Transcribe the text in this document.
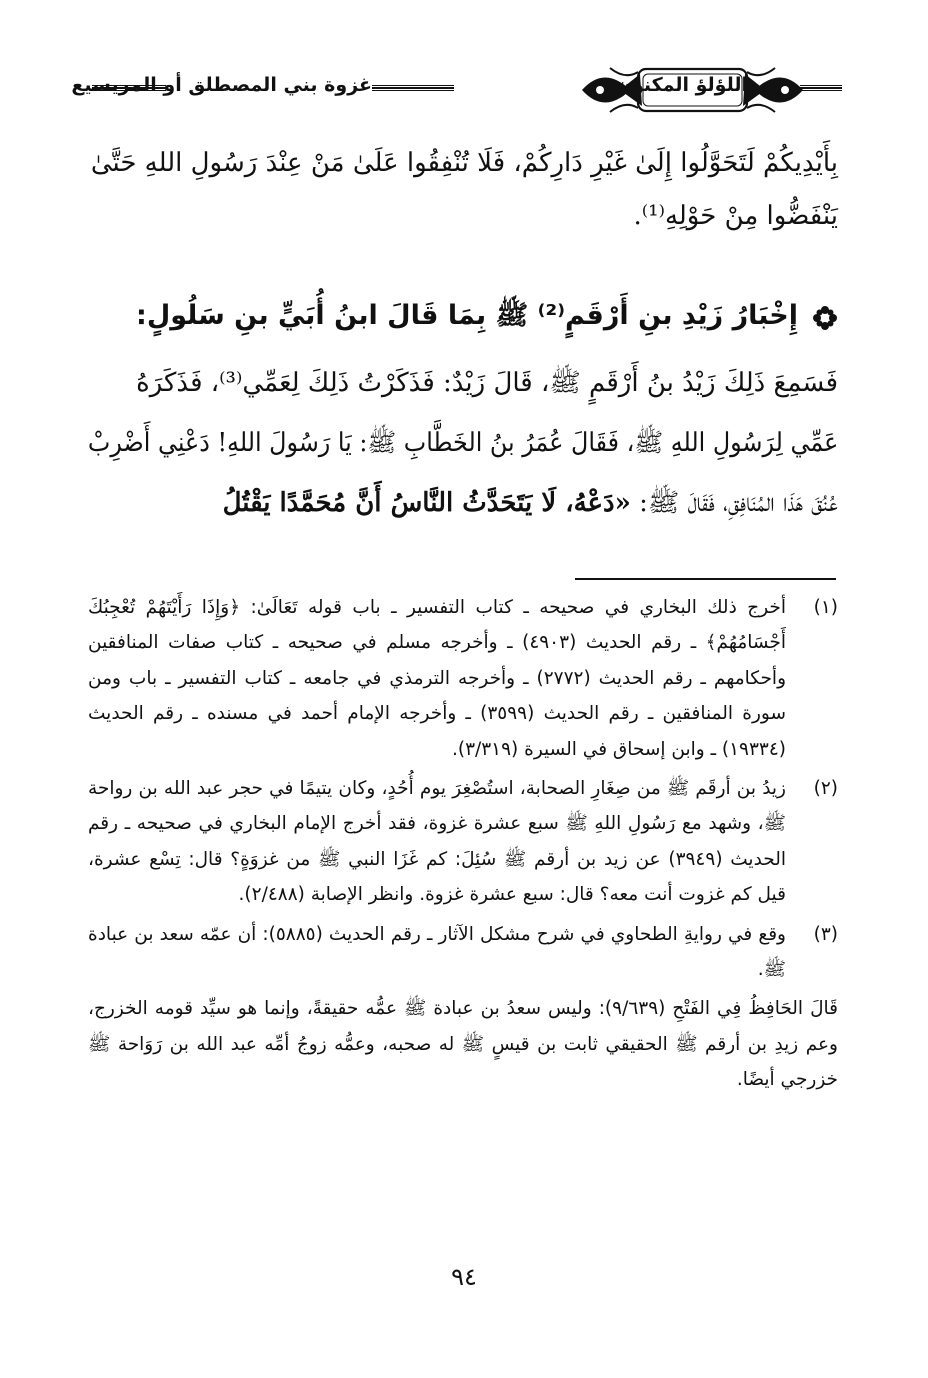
غزوة بني المصطلق أو المريسيع	اللؤلؤ المكنون
بِأَيْدِيكُمْ لَتَحَوَّلُوا إِلَىٰ غَيْرِ دَارِكُمْ، فَلَا تُنْفِقُوا عَلَىٰ مَنْ عِنْدَ رَسُولِ اللهِ حَتَّىٰ
يَنْفَضُّوا مِنْ حَوْلِهِ⁽¹⁾.
إِخْبَارُ زَيْدِ بنِ أَرْقَمٍ⁽²⁾ ﷺ بِمَا قَالَ ابنُ أُبَيٍّ بنِ سَلُولٍ:
فَسَمِعَ ذَلِكَ زَيْدُ بنُ أَرْقَمٍ ﷺ، قَالَ زَيْدٌ: فَذَكَرْتُ ذَلِكَ لِعَمِّي⁽³⁾، فَذَكَرَهُ
عَمِّي لِرَسُولِ اللهِ ﷺ، فَقَالَ عُمَرُ بنُ الخَطَّابِ ﷺ: يَا رَسُولَ اللهِ! دَعْنِي أَضْرِبْ
عُنُقَ هَذَا المُنَافِقِ، فَقَالَ ﷺ: «دَعْهُ، لَا يَتَحَدَّثُ النَّاسُ أَنَّ مُحَمَّدًا يَقْتُلُ
(١)
أخرج ذلك البخاري في صحيحه ـ كتاب التفسير ـ باب قوله تَعَالَىٰ: ﴿وَإِذَا رَأَيْتَهُمْ تُعْجِبُكَ أَجْسَامُهُمْ﴾ ـ رقم الحديث (٤٩٠٣) ـ وأخرجه مسلم في صحيحه ـ كتاب صفات المنافقين وأحكامهم ـ رقم الحديث (٢٧٧٢) ـ وأخرجه الترمذي في جامعه ـ كتاب التفسير ـ باب ومن سورة المنافقين ـ رقم الحديث (٣٥٩٩) ـ وأخرجه الإمام أحمد في مسنده ـ رقم الحديث (١٩٣٣٤) ـ وابن إسحاق في السيرة (٣/٣١٩).
(٢)
زيدُ بن أرقَم ﷺ من صِغَارِ الصحابة، استُصْغِرَ يوم أُحُدٍ، وكان يتيمًا في حجر عبد الله بن رواحة ﷺ، وشهد مع رَسُولِ اللهِ ﷺ سبع عشرة غزوة، فقد أخرج الإمام البخاري في صحيحه ـ رقم الحديث (٣٩٤٩) عن زيد بن أرقم ﷺ سُئِلَ: كم غَزَا النبي ﷺ من غزوَةٍ؟ قال: تِسْع عشرة، قيل كم غزوت أنت معه؟ قال: سبع عشرة غزوة. وانظر الإصابة (٢/٤٨٨).
(٣)
وقع في روايةِ الطحاوي في شرح مشكل الآثار ـ رقم الحديث (٥٨٨٥): أن عمّه سعد بن عبادة ﷺ.
قَالَ الحَافِظُ فِي الفَتْحِ (٩/٦٣٩): وليس سعدُ بن عبادة ﷺ عمُّه حقيقةً، وإنما هو سيِّد قومه الخزرج، وعم زيدِ بن أرقم ﷺ الحقيقي ثابت بن قيسٍ ﷺ له صحبه، وعمُّه زوجُ أمِّه عبد الله بن رَوَاحة ﷺ خزرجي أيضًا.
٩٤
